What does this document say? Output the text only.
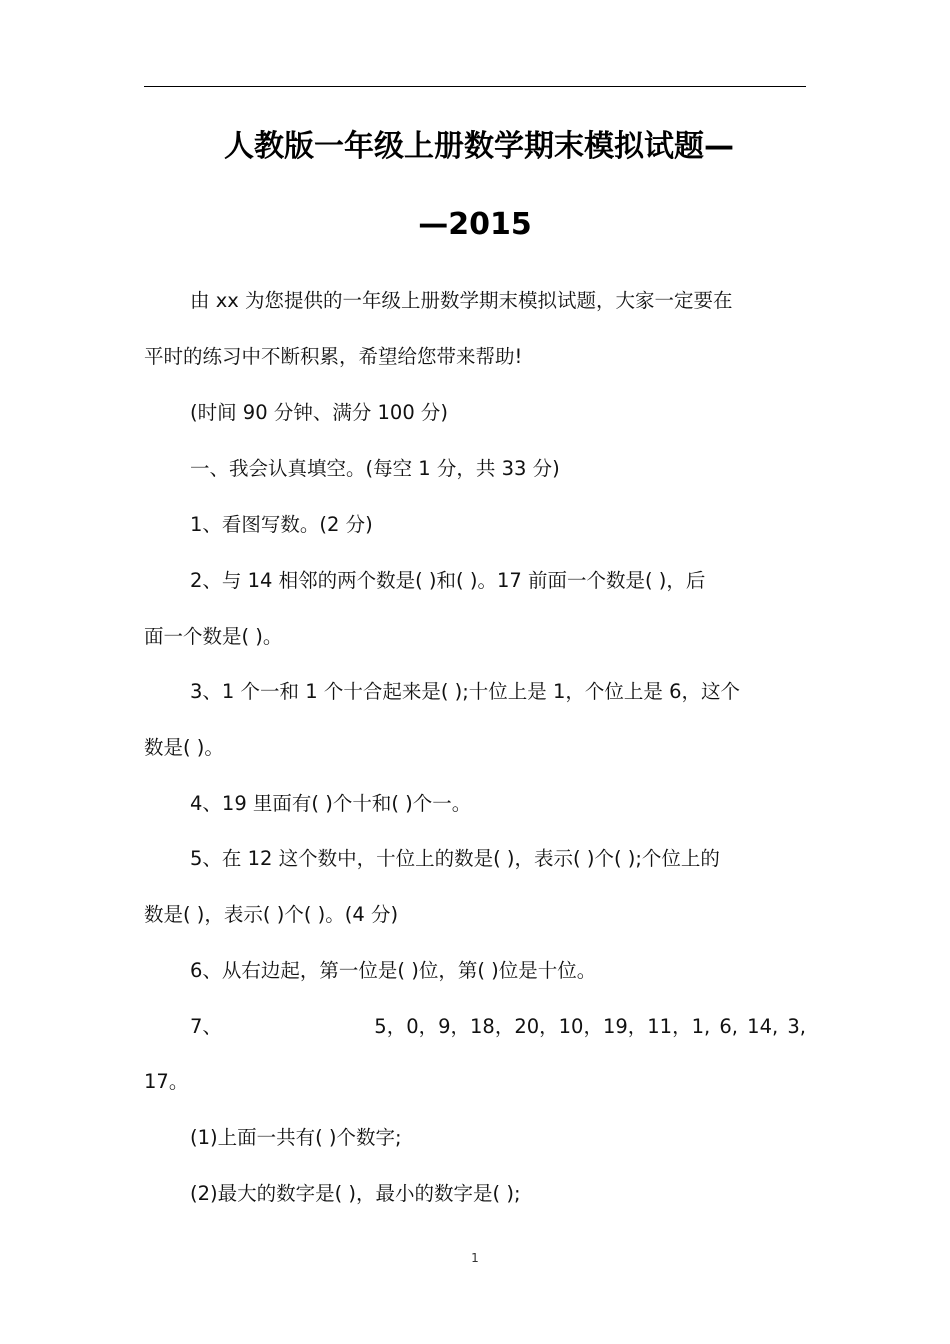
人教版一年级上册数学期末模拟试题—
—2015
由 xx 为您提供的一年级上册数学期末模拟试题，大家一定要在
平时的练习中不断积累，希望给您带来帮助!
(时间 90 分钟、满分 100 分)
一、我会认真填空。(每空 1 分，共 33 分)
1、看图写数。(2 分)
2、与 14 相邻的两个数是( )和( )。17 前面一个数是( )，后
面一个数是( )。
3、1 个一和 1 个十合起来是( );十位上是 1，个位上是 6，这个
数是( )。
4、19 里面有( )个十和( )个一。
5、在 12 这个数中，十位上的数是( )，表示( )个( );个位上的
数是( )，表示( )个( )。(4 分)
6、从右边起，第一位是( )位，第( )位是十位。
7、	5，0，9，18，20，10，19，11，1, 6, 14, 3,
17。
(1)上面一共有( )个数字;
(2)最大的数字是( )，最小的数字是( );
1
